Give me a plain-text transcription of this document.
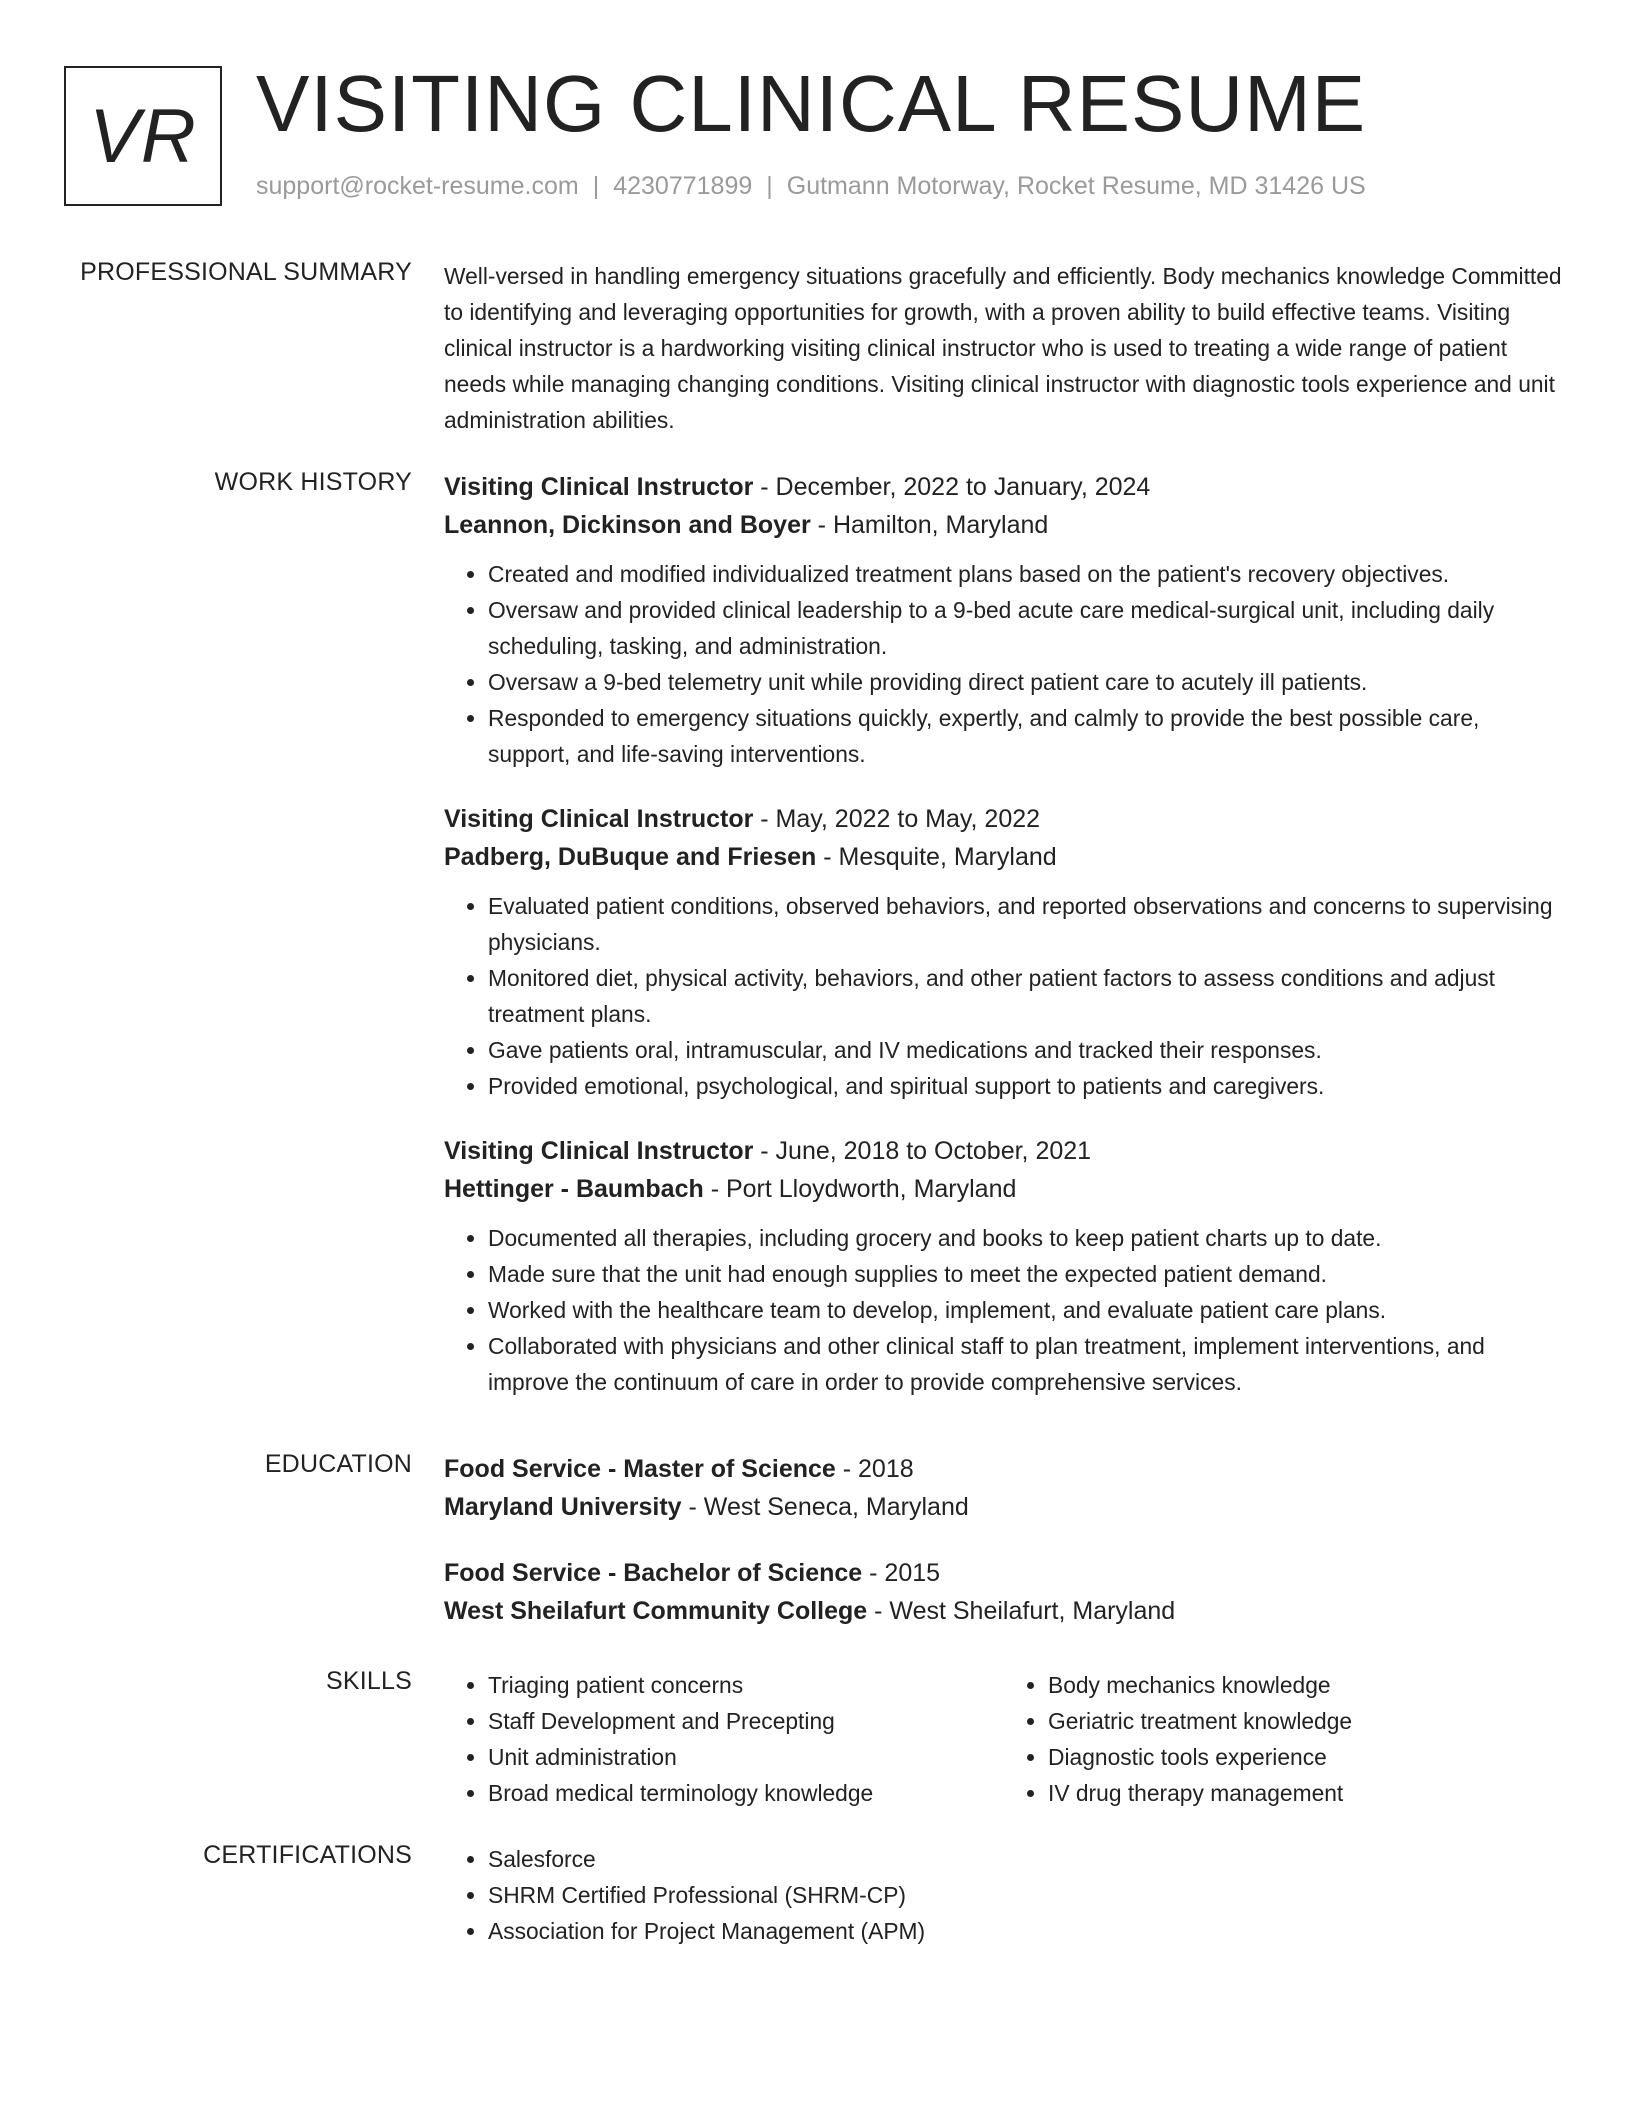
VR VISITING CLINICAL RESUME
support@rocket-resume.com | 4230771899 | Gutmann Motorway, Rocket Resume, MD 31426 US
PROFESSIONAL SUMMARY Well-versed in handling emergency situations gracefully and efficiently. Body mechanics knowledge Committed to identifying and leveraging opportunities for growth, with a proven ability to build effective teams. Visiting clinical instructor is a hardworking visiting clinical instructor who is used to treating a wide range of patient needs while managing changing conditions. Visiting clinical instructor with diagnostic tools experience and unit administration abilities.

WORK HISTORY Visiting Clinical Instructor - December, 2022 to January, 2024
Leannon, Dickinson and Boyer - Hamilton, Maryland
• Created and modified individualized treatment plans based on the patient's recovery objectives.
• Oversaw and provided clinical leadership to a 9-bed acute care medical-surgical unit, including daily scheduling, tasking, and administration.
• Oversaw a 9-bed telemetry unit while providing direct patient care to acutely ill patients.
• Responded to emergency situations quickly, expertly, and calmly to provide the best possible care, support, and life-saving interventions.
Visiting Clinical Instructor - May, 2022 to May, 2022
Padberg, DuBuque and Friesen - Mesquite, Maryland
• Evaluated patient conditions, observed behaviors, and reported observations and concerns to supervising physicians.
• Monitored diet, physical activity, behaviors, and other patient factors to assess conditions and adjust treatment plans.
• Gave patients oral, intramuscular, and IV medications and tracked their responses.
• Provided emotional, psychological, and spiritual support to patients and caregivers.
Visiting Clinical Instructor - June, 2018 to October, 2021
Hettinger - Baumbach - Port Lloydworth, Maryland
• Documented all therapies, including grocery and books to keep patient charts up to date.
• Made sure that the unit had enough supplies to meet the expected patient demand.
• Worked with the healthcare team to develop, implement, and evaluate patient care plans.
• Collaborated with physicians and other clinical staff to plan treatment, implement interventions, and improve the continuum of care in order to provide comprehensive services.
EDUCATION Food Service - Master of Science - 2018
Maryland University - West Seneca, Maryland
Food Service - Bachelor of Science - 2015
West Sheilafurt Community College - West Sheilafurt, Maryland
SKILLS	• Triaging patient concerns
• Staff Development and Precepting
• Unit administration
• Broad medical terminology knowledge
• Body mechanics knowledge
• Geriatric treatment knowledge
• Diagnostic tools experience
• IV drug therapy management
CERTIFICATIONS	• Salesforce
• SHRM Certified Professional (SHRM-CP)
• Association for Project Management (APM)
